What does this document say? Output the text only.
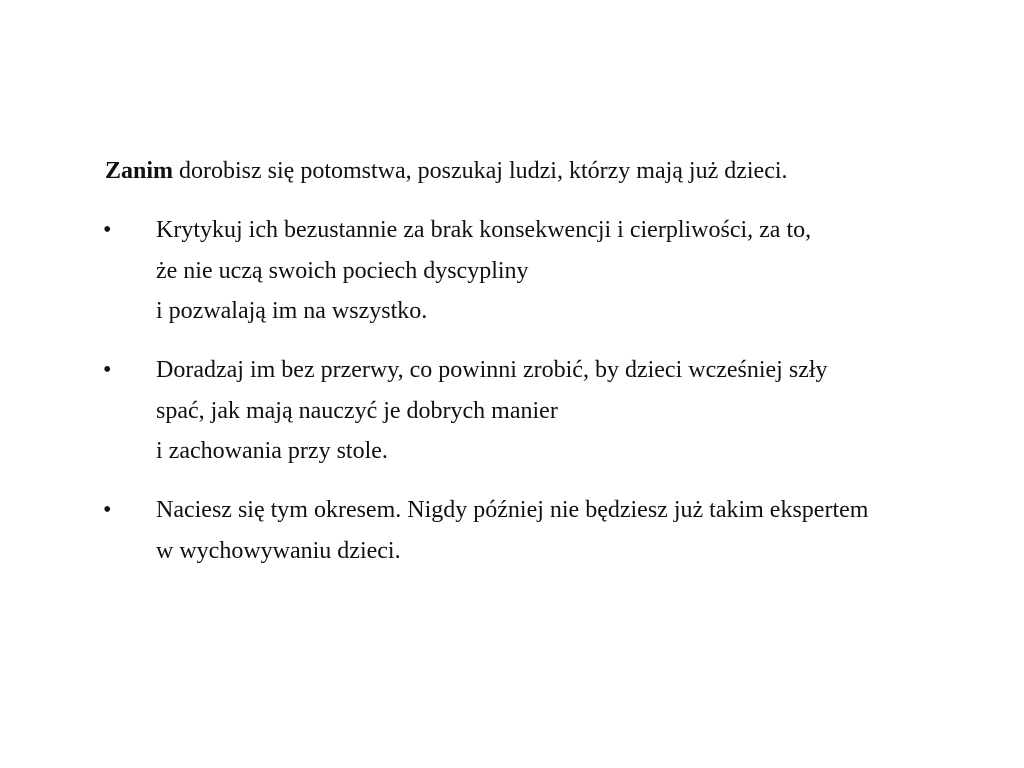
Zanim dorobisz się potomstwa, poszukaj ludzi, którzy mają już dzieci.
•	Krytykuj ich bezustannie za brak konsekwencji i cierpliwości, za to,
że nie uczą swoich pociech dyscypliny
i pozwalają im na wszystko.
•	Doradzaj im bez przerwy, co powinni zrobić, by dzieci wcześniej szły
spać, jak mają nauczyć je dobrych manier
i zachowania przy stole.
•	Naciesz się tym okresem. Nigdy później nie będziesz już takim ekspertem
w wychowywaniu dzieci.
